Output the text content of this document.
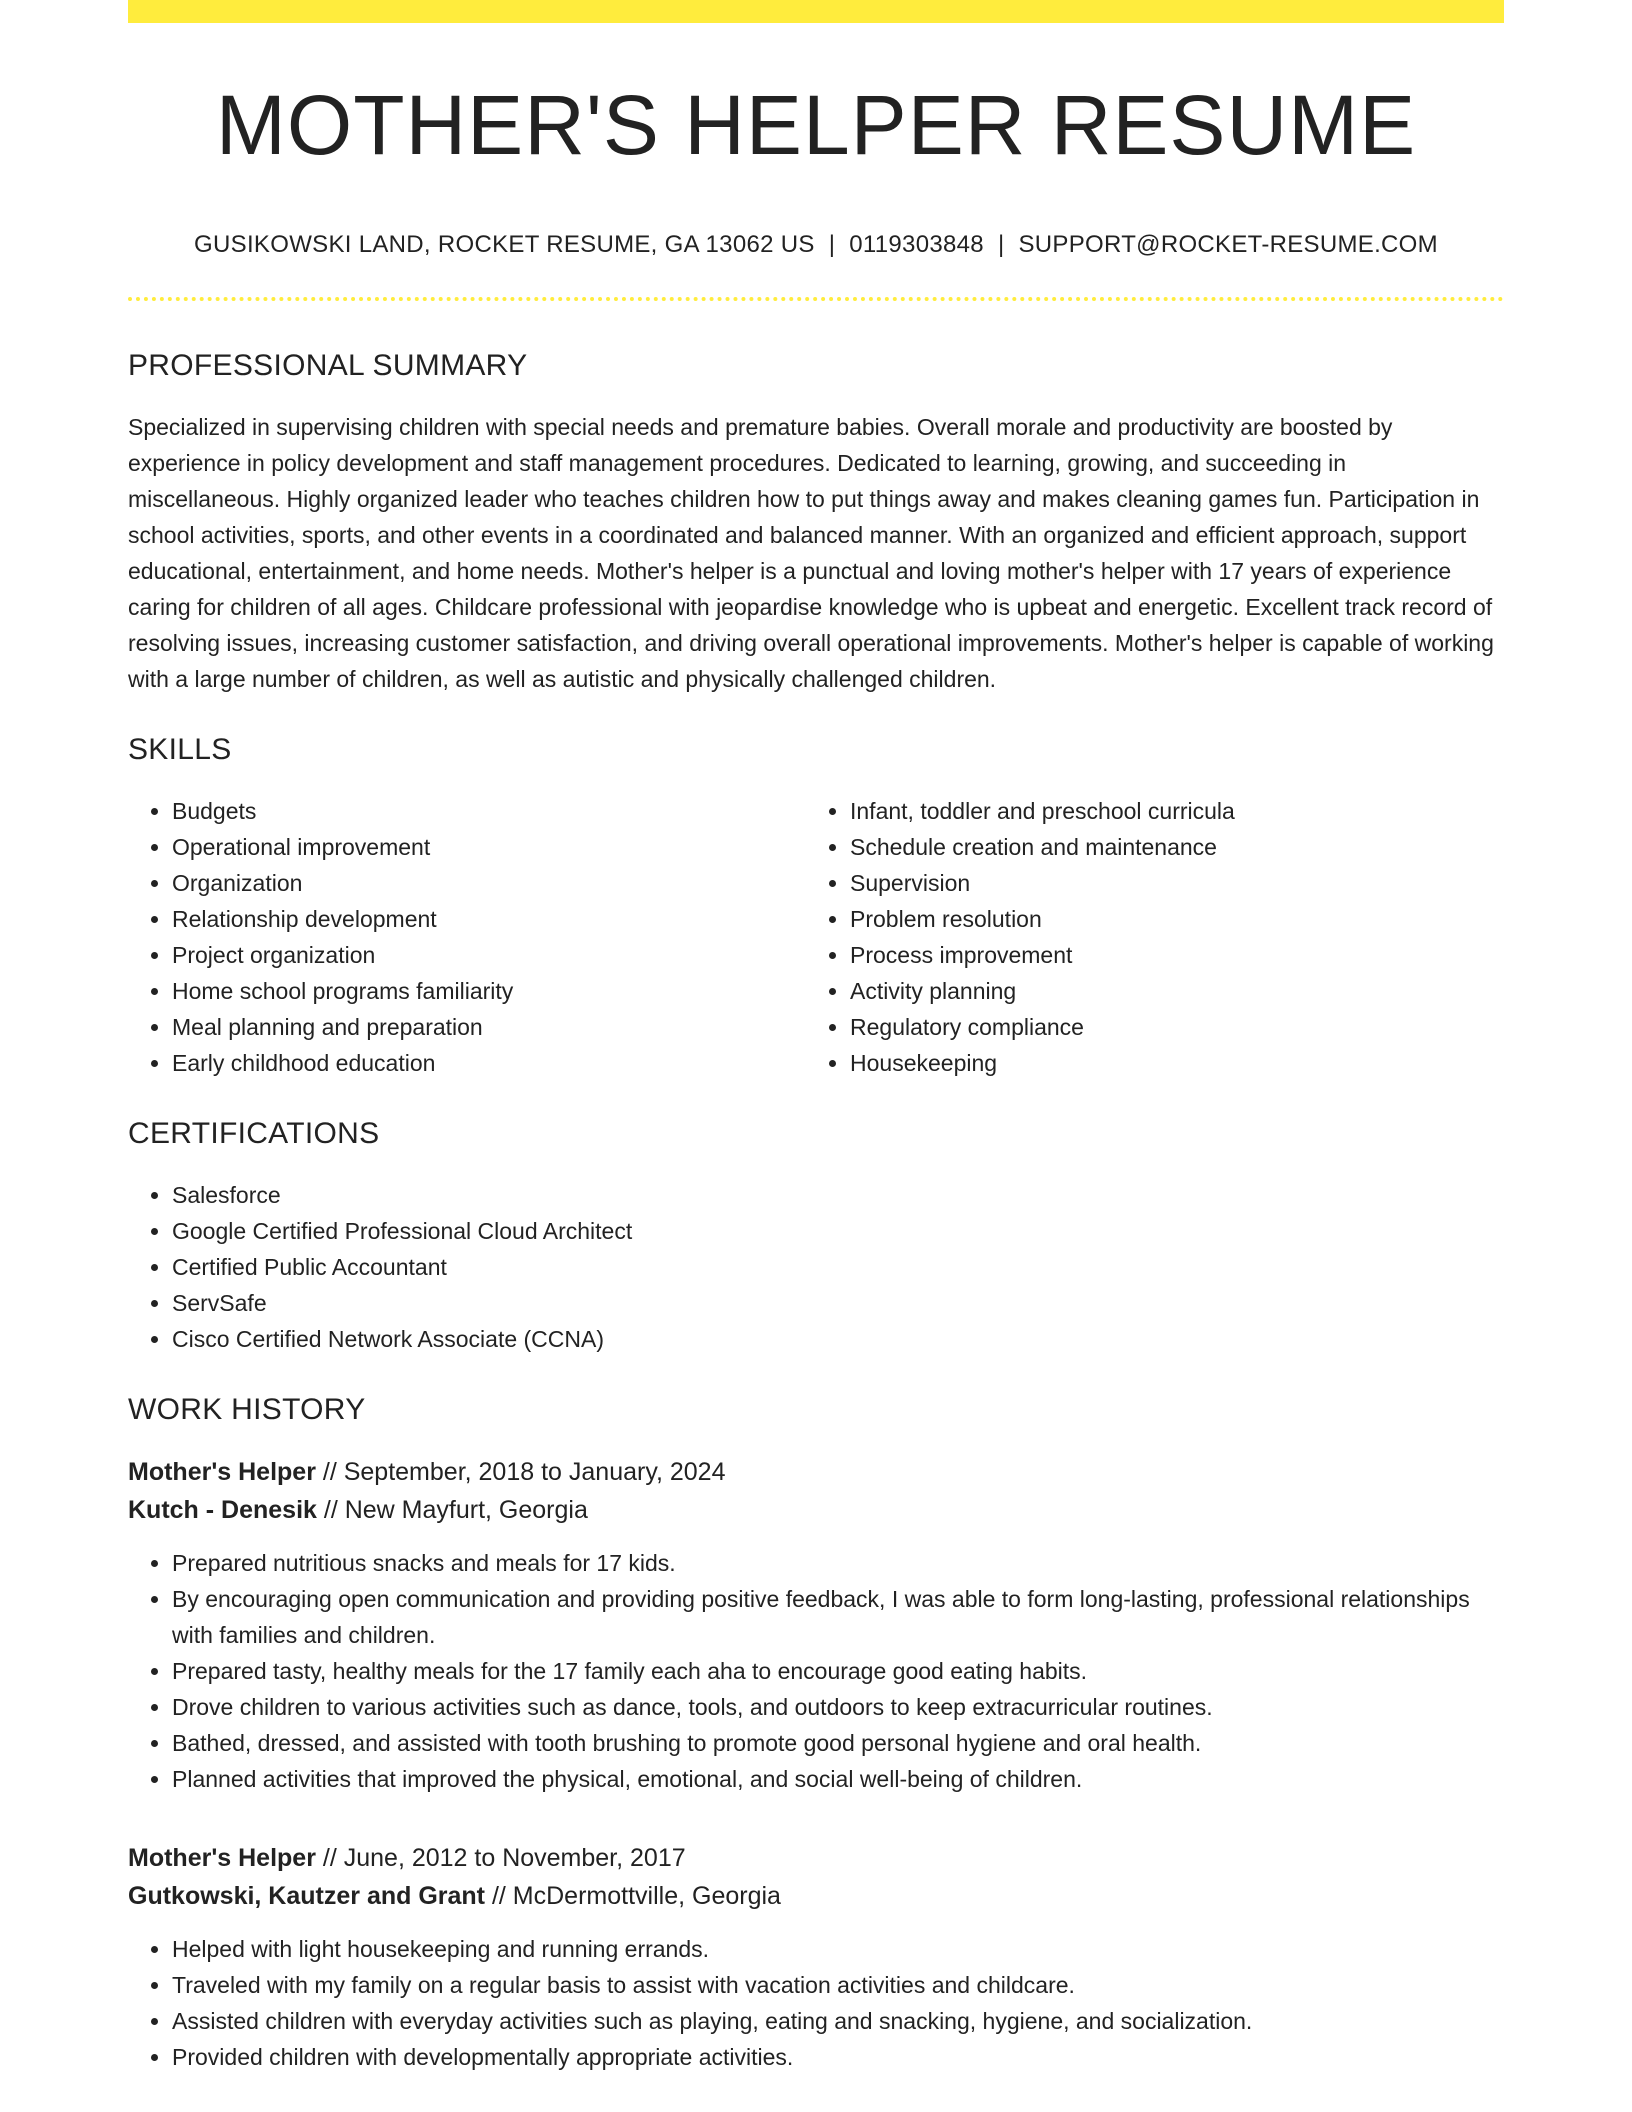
MOTHER'S HELPER RESUME
GUSIKOWSKI LAND, ROCKET RESUME, GA 13062 US | 0119303848 | SUPPORT@ROCKET-RESUME.COM
PROFESSIONAL SUMMARY

Specialized in supervising children with special needs and premature babies. Overall morale and productivity are boosted by experience in policy development and staff management procedures. Dedicated to learning, growing, and succeeding in miscellaneous. Highly organized leader who teaches children how to put things away and makes cleaning games fun. Participation in school activities, sports, and other events in a coordinated and balanced manner. With an organized and efficient approach, support educational, entertainment, and home needs. Mother's helper is a punctual and loving mother's helper with 17 years of experience caring for children of all ages. Childcare professional with jeopardise knowledge who is upbeat and energetic. Excellent track record of resolving issues, increasing customer satisfaction, and driving overall operational improvements. Mother's helper is capable of working with a large number of children, as well as autistic and physically challenged children.

SKILLS
• Budgets
• Operational improvement
• Organization
• Relationship development
• Project organization
• Home school programs familiarity
• Meal planning and preparation
• Early childhood education
• Infant, toddler and preschool curricula
• Schedule creation and maintenance
• Supervision
• Problem resolution
• Process improvement
• Activity planning
• Regulatory compliance
• Housekeeping
CERTIFICATIONS
• Salesforce
• Google Certified Professional Cloud Architect
• Certified Public Accountant
• ServSafe
• Cisco Certified Network Associate (CCNA)
WORK HISTORY
Mother's Helper // September, 2018 to January, 2024
Kutch - Denesik // New Mayfurt, Georgia
• Prepared nutritious snacks and meals for 17 kids.
• By encouraging open communication and providing positive feedback, I was able to form long-lasting, professional relationships with families and children.
• Prepared tasty, healthy meals for the 17 family each aha to encourage good eating habits.
• Drove children to various activities such as dance, tools, and outdoors to keep extracurricular routines.
• Bathed, dressed, and assisted with tooth brushing to promote good personal hygiene and oral health.
• Planned activities that improved the physical, emotional, and social well-being of children.
Mother's Helper // June, 2012 to November, 2017
Gutkowski, Kautzer and Grant // McDermottville, Georgia
• Helped with light housekeeping and running errands.
• Traveled with my family on a regular basis to assist with vacation activities and childcare.
• Assisted children with everyday activities such as playing, eating and snacking, hygiene, and socialization.
• Provided children with developmentally appropriate activities.
